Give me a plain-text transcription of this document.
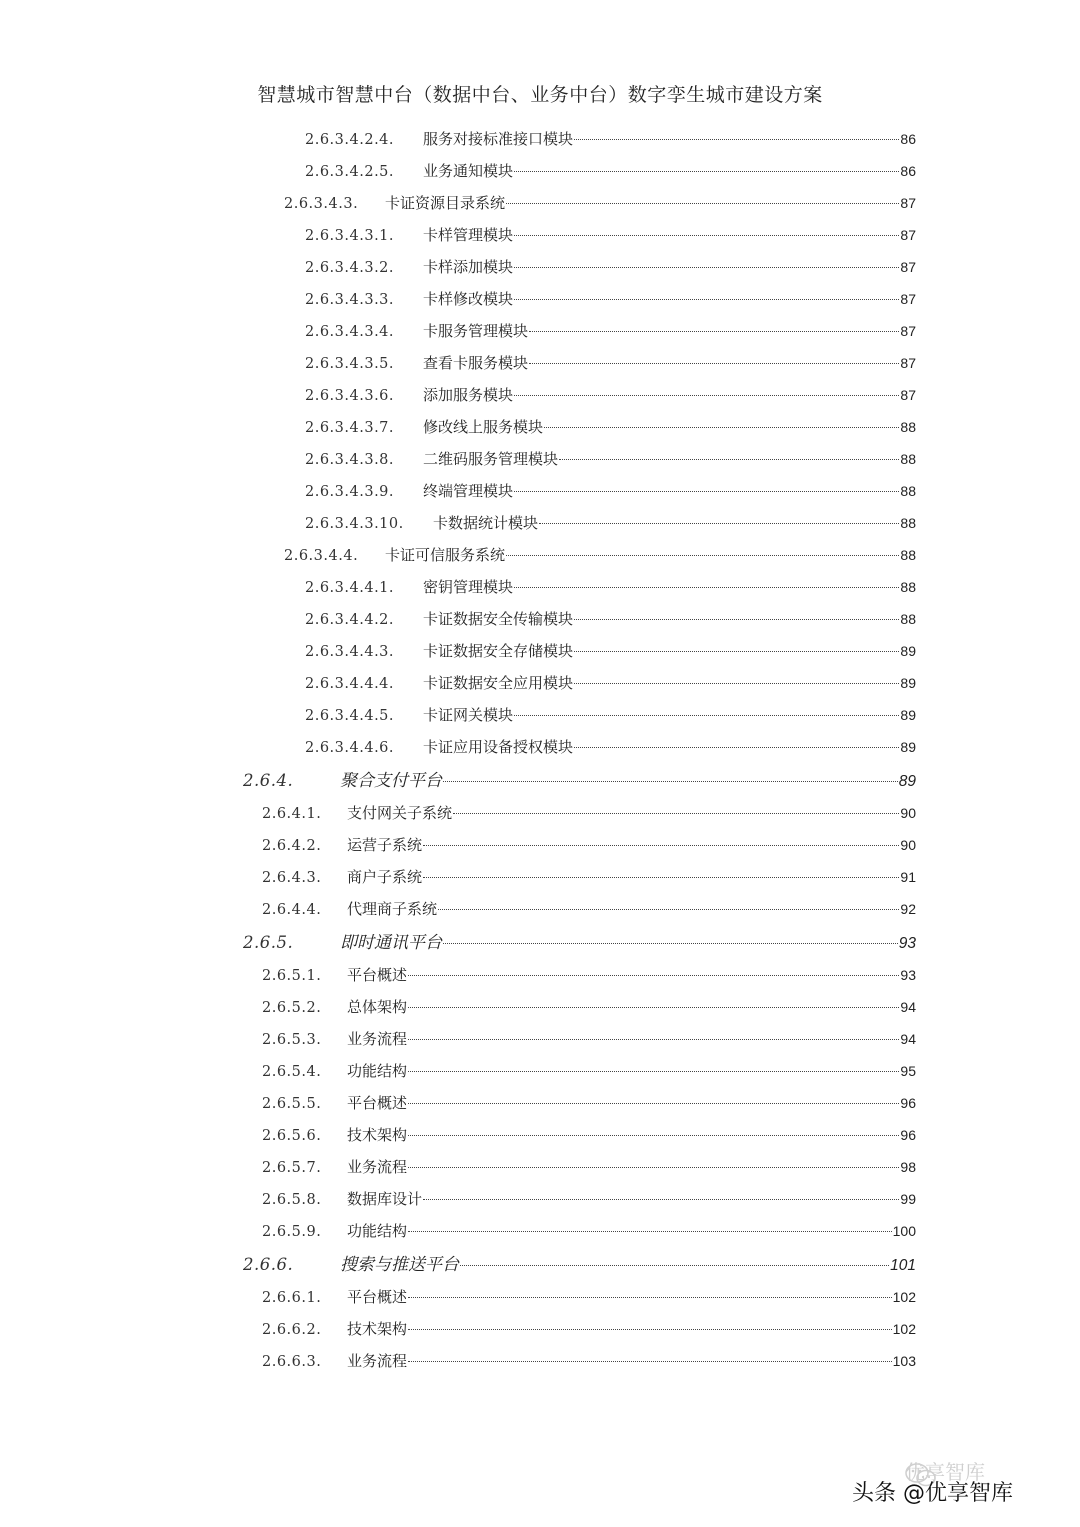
智慧城市智慧中台（数据中台、业务中台）数字孪生城市建设方案
2.6.3.4.2.4.	服务对接标准接口模块	86
2.6.3.4.2.5.	业务通知模块	86
2.6.3.4.3.	卡证资源目录系统	87
2.6.3.4.3.1.	卡样管理模块	87
2.6.3.4.3.2.	卡样添加模块	87
2.6.3.4.3.3.	卡样修改模块	87
2.6.3.4.3.4.	卡服务管理模块	87
2.6.3.4.3.5.	查看卡服务模块	87
2.6.3.4.3.6.	添加服务模块	87
2.6.3.4.3.7.	修改线上服务模块	88
2.6.3.4.3.8.	二维码服务管理模块	88
2.6.3.4.3.9.	终端管理模块	88
2.6.3.4.3.10.	卡数据统计模块	88
2.6.3.4.4.	卡证可信服务系统	88
2.6.3.4.4.1.	密钥管理模块	88
2.6.3.4.4.2.	卡证数据安全传输模块	88
2.6.3.4.4.3.	卡证数据安全存储模块	89
2.6.3.4.4.4.	卡证数据安全应用模块	89
2.6.3.4.4.5.	卡证网关模块	89
2.6.3.4.4.6.	卡证应用设备授权模块	89
2.6.4.	聚合支付平台	89
2.6.4.1.	支付网关子系统	90
2.6.4.2.	运营子系统	90
2.6.4.3.	商户子系统	91
2.6.4.4.	代理商子系统	92
2.6.5.	即时通讯平台	93
2.6.5.1.	平台概述	93
2.6.5.2.	总体架构	94
2.6.5.3.	业务流程	94
2.6.5.4.	功能结构	95
2.6.5.5.	平台概述	96
2.6.5.6.	技术架构	96
2.6.5.7.	业务流程	98
2.6.5.8.	数据库设计	99
2.6.5.9.	功能结构	100
2.6.6.	搜索与推送平台	101
2.6.6.1.	平台概述	102
2.6.6.2.	技术架构	102
2.6.6.3.	业务流程	103
优享智库
头条 @优享智库
